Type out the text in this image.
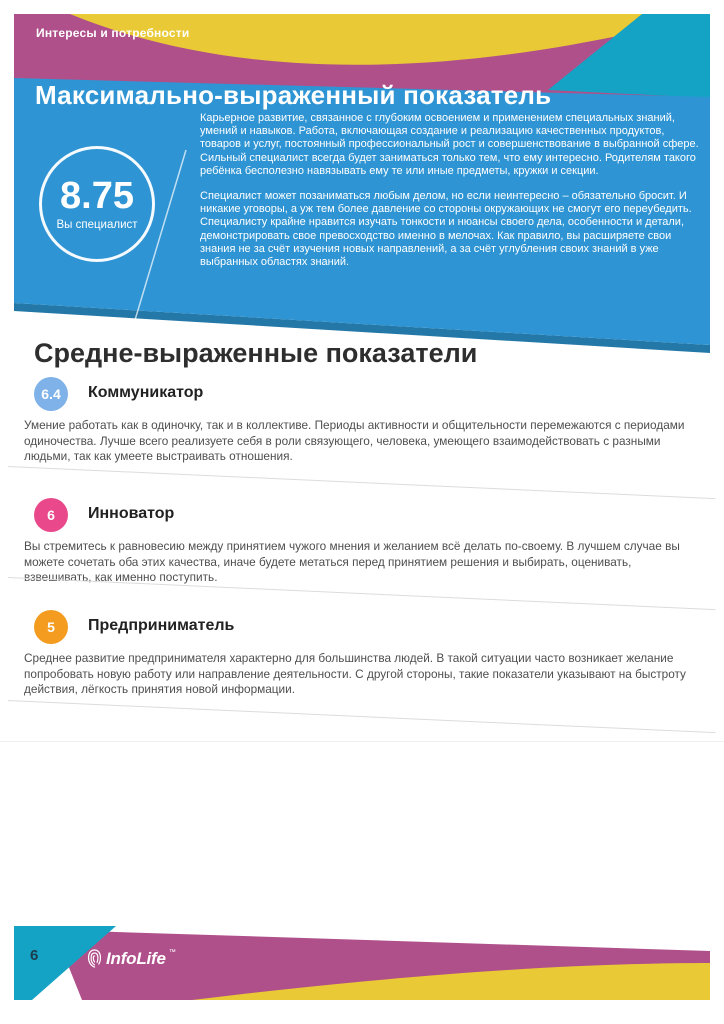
Интересы и потребности
Максимально-выраженный показатель
8.75
Вы специалист

Карьерное развитие, связанное с глубоким освоением и применением специальных знаний, умений и навыков. Работа, включающая создание и реализацию качественных продуктов, товаров и услуг, постоянный профессиональный рост и совершенствование в выбранной сфере. Сильный специалист всегда будет заниматься только тем, что ему интересно. Родителям такого ребёнка бесполезно навязывать ему те или иные предметы, кружки и секции.

Специалист может позаниматься любым делом, но если неинтересно – обязательно бросит. И никакие уговоры, а уж тем более давление со стороны окружающих не смогут его переубедить. Специалисту крайне нравится изучать тонкости и нюансы своего дела, особенности и детали, демонстрировать свое превосходство именно в мелочах. Как правило, вы расширяете свои знания не за счёт изучения новых направлений, а за счёт углубления своих знаний в уже выбранных областях знаний.

Средне-выраженные показатели
6.4	Коммуникатор
Умение работать как в одиночку, так и в коллективе. Периоды активности и общительности перемежаются с периодами одиночества. Лучше всего реализуете себя в роли связующего, человека, умеющего взаимодействовать с разными людьми, так как умеете выстраивать отношения.
6	Инноватор
Вы стремитесь к равновесию между принятием чужого мнения и желанием всё делать по-своему. В лучшем случае вы можете сочетать оба этих качества, иначе будете метаться перед принятием решения и выбирать, оценивать, взвешивать, как именно поступить.
5	Предприниматель
Среднее развитие предпринимателя характерно для большинства людей. В такой ситуации часто возникает желание попробовать новую работу или направление деятельности. С другой стороны, такие показатели указывают на быстроту действия, лёгкость принятия новой информации.
6	InfoLife ™
